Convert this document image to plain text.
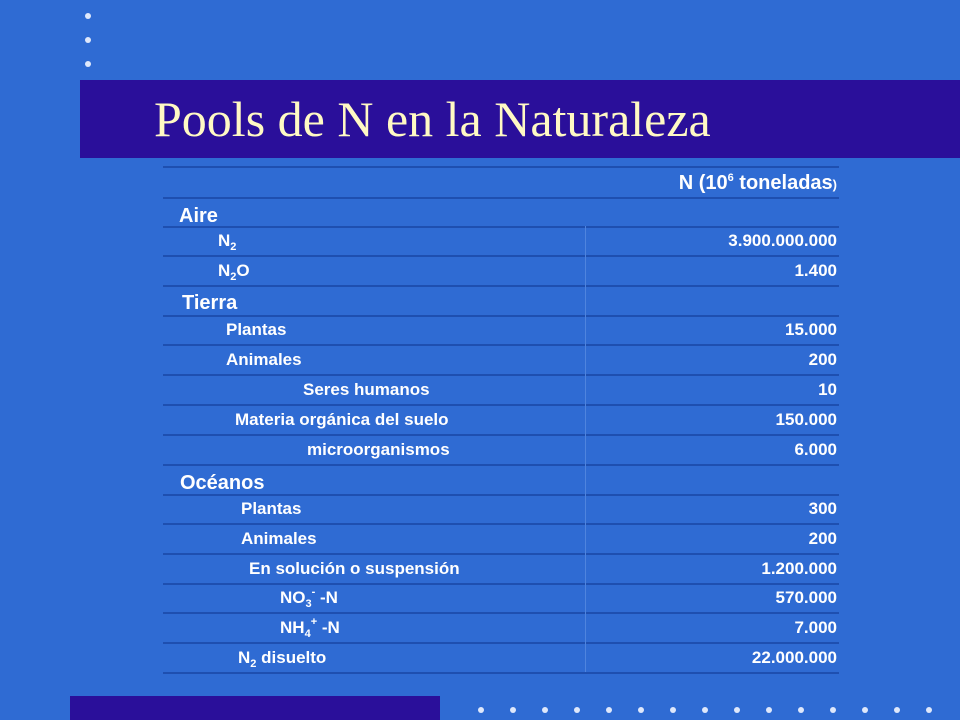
Pools de N en la Naturaleza
N ($10^6$ toneladas)
Aire
$N_2$	3.900.000.000
$N_2O$	1.400
Tierra
Plantas	15.000
Animales	200
Seres humanos	10
Materia orgánica del suelo	150.000
microorganismos	6.000
Océanos
Plantas	300
Animales	200
En solución o suspensión	1.200.000
$NO_3^-$ -N	570.000
$NH_4^+$ -N	7.000
$N_2$ disuelto	22.000.000
